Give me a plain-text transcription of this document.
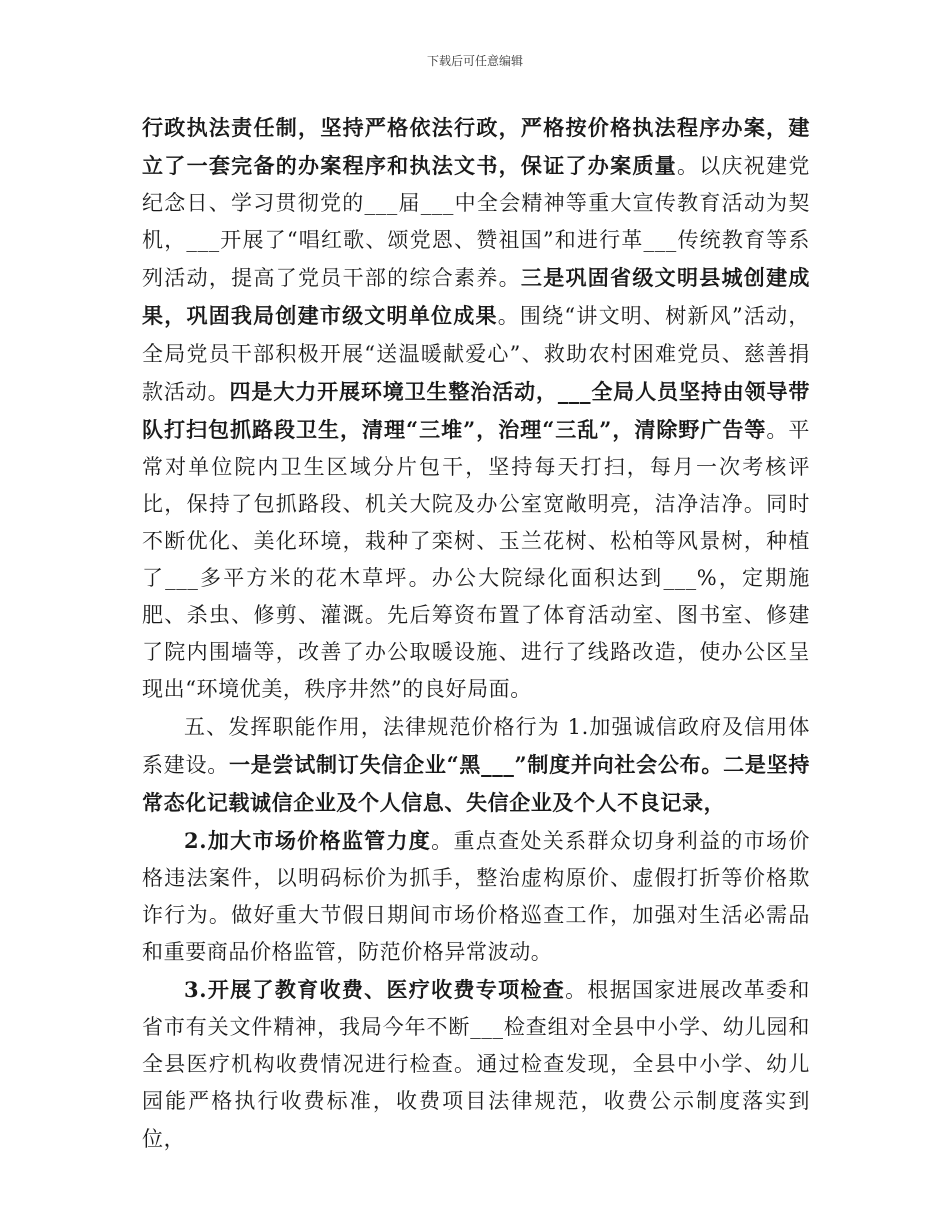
下载后可任意编辑

行政执法责任制，坚持严格依法行政，严格按价格执法程序办案，建立了一套完备的办案程序和执法文书，保证了办案质量。以庆祝建党纪念日、学习贯彻党的___届___中全会精神等重大宣传教育活动为契机，___开展了“唱红歌、颂党恩、赞祖国”和进行革___传统教育等系列活动，提高了党员干部的综合素养。三是巩固省级文明县城创建成果，巩固我局创建市级文明单位成果。围绕“讲文明、树新风”活动，全局党员干部积极开展“送温暖献爱心”、救助农村困难党员、慈善捐款活动。四是大力开展环境卫生整治活动，___全局人员坚持由领导带队打扫包抓路段卫生，清理“三堆”，治理“三乱”，清除野广告等。平常对单位院内卫生区域分片包干，坚持每天打扫，每月一次考核评比，保持了包抓路段、机关大院及办公室宽敞明亮，洁净洁净。同时不断优化、美化环境，栽种了栾树、玉兰花树、松柏等风景树，种植了___多平方米的花木草坪。办公大院绿化面积达到___%，定期施肥、杀虫、修剪、灌溉。先后筹资布置了体育活动室、图书室、修建了院内围墙等，改善了办公取暖设施、进行了线路改造，使办公区呈现出“环境优美，秩序井然”的良好局面。

五、发挥职能作用，法律规范价格行为 1.加强诚信政府及信用体系建设。一是尝试制订失信企业“黑___”制度并向社会公布。二是坚持常态化记载诚信企业及个人信息、失信企业及个人不良记录，

2.加大市场价格监管力度。重点查处关系群众切身利益的市场价格违法案件，以明码标价为抓手，整治虚构原价、虚假打折等价格欺诈行为。做好重大节假日期间市场价格巡查工作，加强对生活必需品和重要商品价格监管，防范价格异常波动。

3.开展了教育收费、医疗收费专项检查。根据国家进展改革委和省市有关文件精神，我局今年不断___检查组对全县中小学、幼儿园和全县医疗机构收费情况进行检查。通过检查发现，全县中小学、幼儿园能严格执行收费标准，收费项目法律规范，收费公示制度落实到位，
